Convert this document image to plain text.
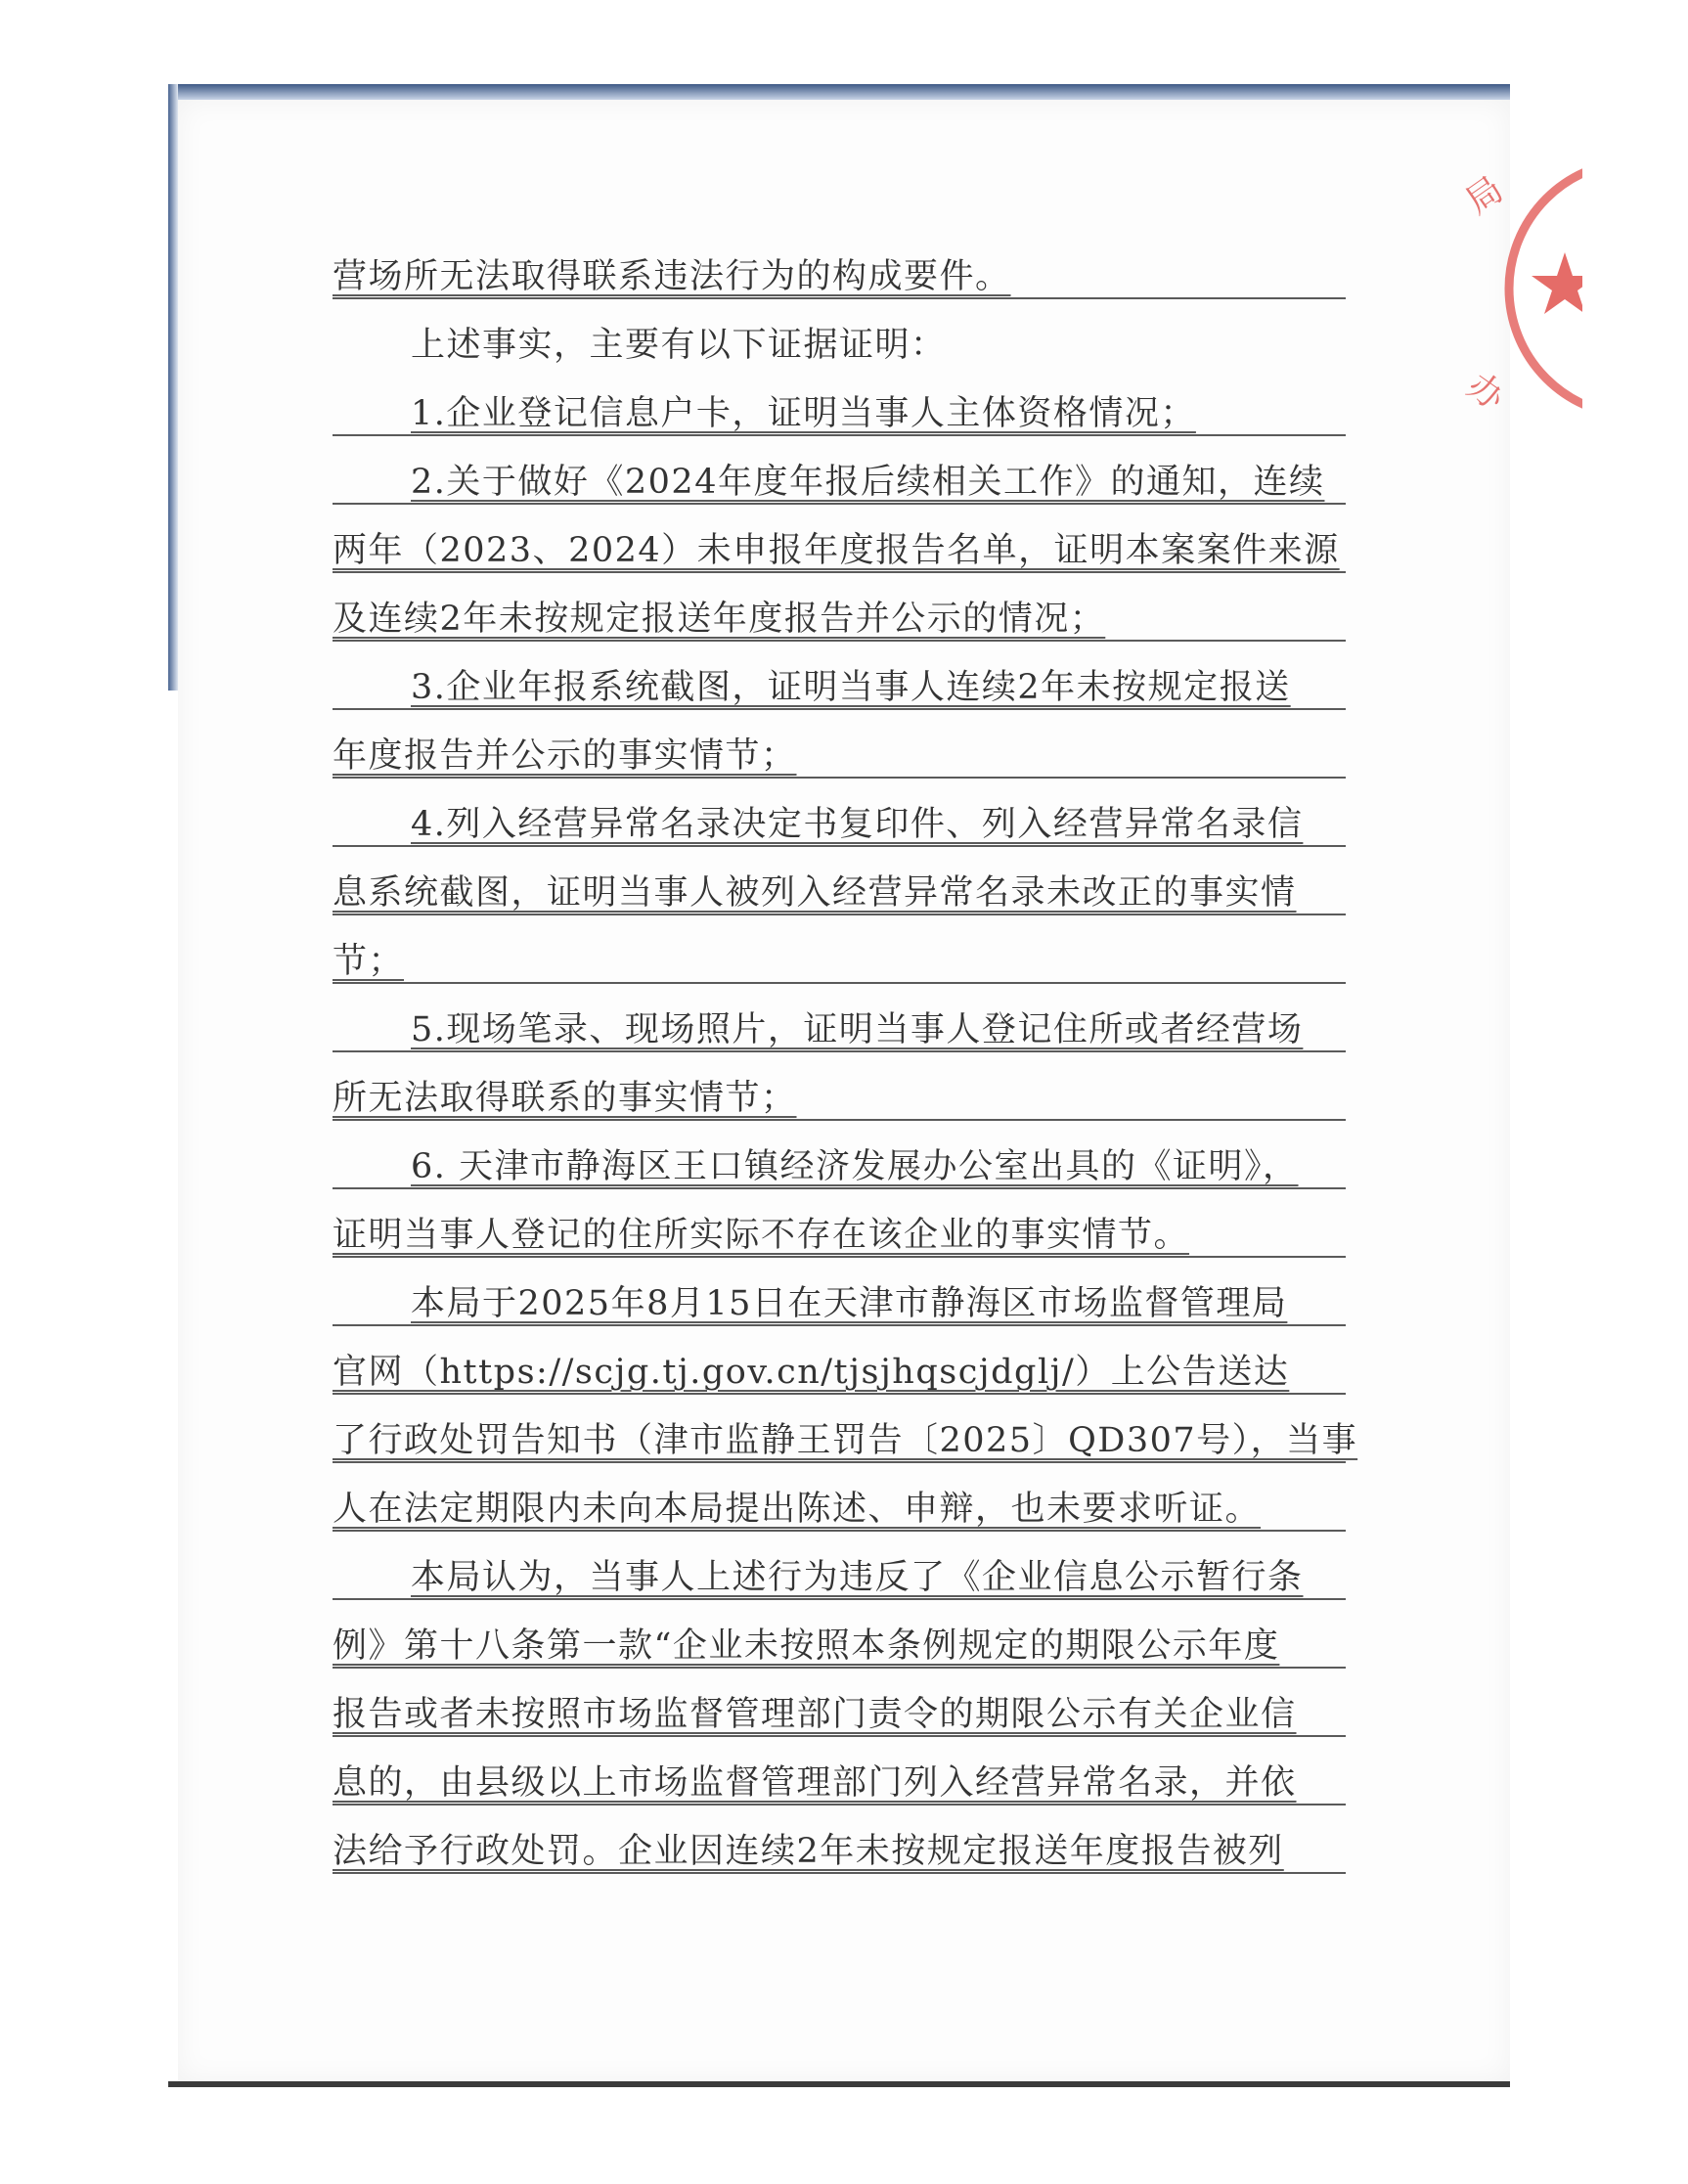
局
办
营场所无法取得联系违法行为的构成要件。
上述事实，主要有以下证据证明：
1.企业登记信息户卡，证明当事人主体资格情况；
2.关于做好《2024年度年报后续相关工作》的通知，连续
两年（2023、2024）未申报年度报告名单，证明本案案件来源
及连续2年未按规定报送年度报告并公示的情况；
3.企业年报系统截图，证明当事人连续2年未按规定报送
年度报告并公示的事实情节；
4.列入经营异常名录决定书复印件、列入经营异常名录信
息系统截图，证明当事人被列入经营异常名录未改正的事实情
节；
5.现场笔录、现场照片，证明当事人登记住所或者经营场
所无法取得联系的事实情节；
6. 天津市静海区王口镇经济发展办公室出具的《证明》，
证明当事人登记的住所实际不存在该企业的事实情节。
本局于2025年8月15日在天津市静海区市场监督管理局
官网（https://scjg.tj.gov.cn/tjsjhqscjdglj/）上公告送达
了行政处罚告知书（津市监静王罚告〔2025〕QD307号），当事
人在法定期限内未向本局提出陈述、申辩，也未要求听证。
本局认为，当事人上述行为违反了《企业信息公示暂行条
例》第十八条第一款“企业未按照本条例规定的期限公示年度
报告或者未按照市场监督管理部门责令的期限公示有关企业信
息的，由县级以上市场监督管理部门列入经营异常名录，并依
法给予行政处罚。企业因连续2年未按规定报送年度报告被列
